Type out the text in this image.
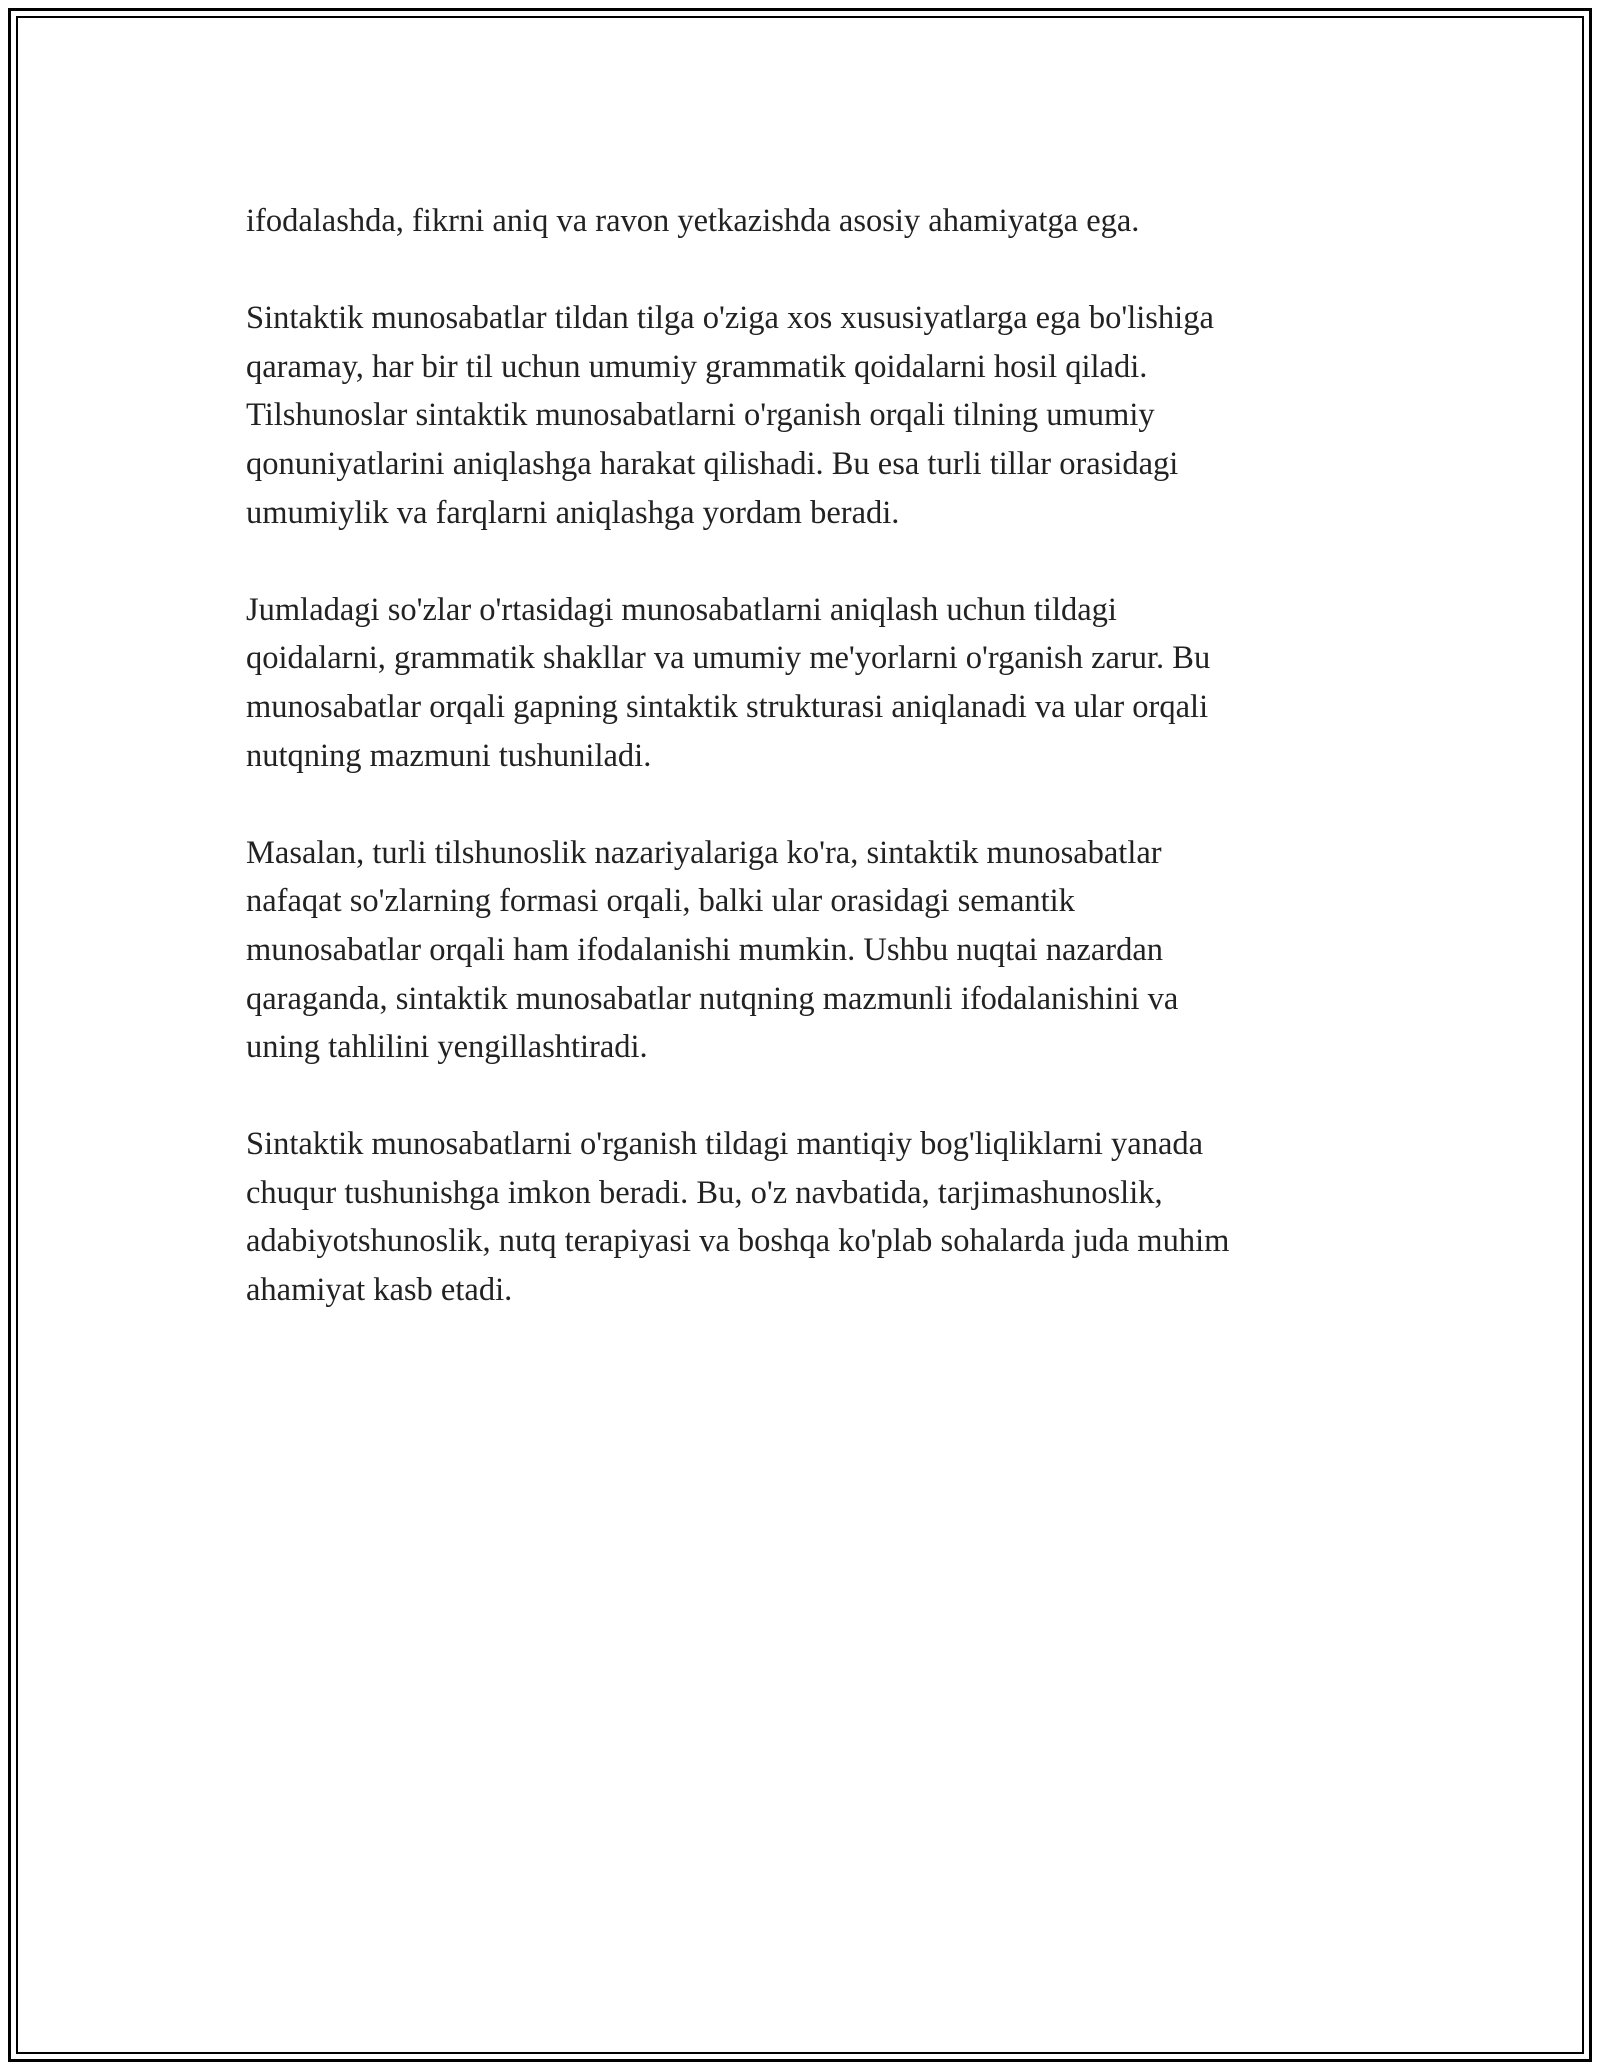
ifodalashda, fikrni aniq va ravon yetkazishda asosiy ahamiyatga ega.

Sintaktik munosabatlar tildan tilga o'ziga xos xususiyatlarga ega bo'lishiga
qaramay, har bir til uchun umumiy grammatik qoidalarni hosil qiladi.
Tilshunoslar sintaktik munosabatlarni o'rganish orqali tilning umumiy
qonuniyatlarini aniqlashga harakat qilishadi. Bu esa turli tillar orasidagi
umumiylik va farqlarni aniqlashga yordam beradi.

Jumladagi so'zlar o'rtasidagi munosabatlarni aniqlash uchun tildagi
qoidalarni, grammatik shakllar va umumiy me'yorlarni o'rganish zarur. Bu
munosabatlar orqali gapning sintaktik strukturasi aniqlanadi va ular orqali
nutqning mazmuni tushuniladi.

Masalan, turli tilshunoslik nazariyalariga ko'ra, sintaktik munosabatlar
nafaqat so'zlarning formasi orqali, balki ular orasidagi semantik
munosabatlar orqali ham ifodalanishi mumkin. Ushbu nuqtai nazardan
qaraganda, sintaktik munosabatlar nutqning mazmunli ifodalanishini va
uning tahlilini yengillashtiradi.

Sintaktik munosabatlarni o'rganish tildagi mantiqiy bog'liqliklarni yanada
chuqur tushunishga imkon beradi. Bu, o'z navbatida, tarjimashunoslik,
adabiyotshunoslik, nutq terapiyasi va boshqa ko'plab sohalarda juda muhim
ahamiyat kasb etadi.
